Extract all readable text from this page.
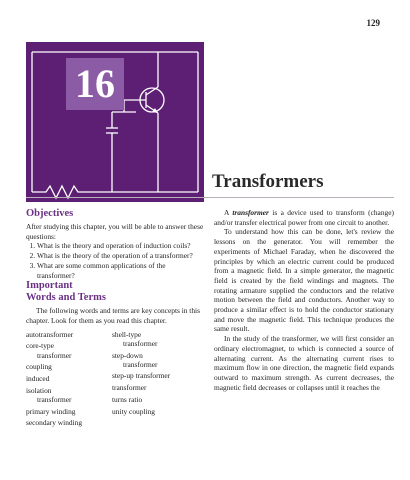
129
16
Transformers
Objectives

After studying this chapter, you will be able to answer these questions:

1. What is the theory and operation of induction coils?
2. What is the theory of the operation of a transformer?
3. What are some common applications of the transformer?
Important
Words and Terms

The following words and terms are key concepts in this chapter. Look for them as you read this chapter.

autotransformer
core-type
transformer
coupling
induced
isolation
transformer
primary winding
secondary winding
shell-type
transformer
step-down
transformer
step-up transformer
transformer
turns ratio
unity coupling

A transformer is a device used to transform (change) and/or transfer electrical power from one circuit to another.

To understand how this can be done, let's review the lessons on the generator. You will remember the experiments of Michael Faraday, when he discovered the principles by which an electric current could be produced from a magnetic field. In a simple generator, the magnetic field is created by the field windings and magnets. The rotating armature supplied the conductors and the relative motion between the field and conductors. Another way to produce a similar effect is to hold the conductor stationary and move the magnetic field. This technique produces the same result.

In the study of the transformer, we will first consider an ordinary electromagnet, to which is connected a source of alternating current. As the alternating current rises to maximum flow in one direction, the magnetic field expands outward to maximum strength. As current decreases, the magnetic field decreases or collapses until it reaches the
